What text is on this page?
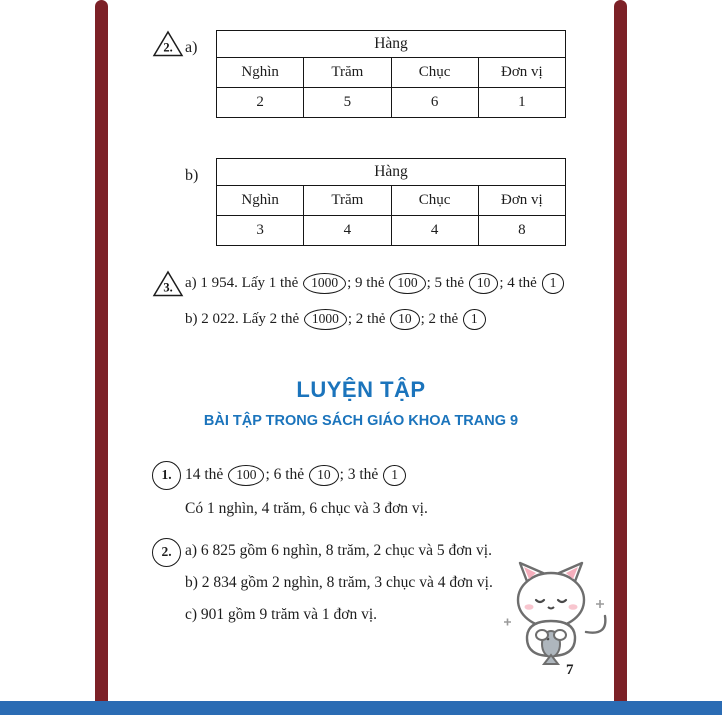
2. a)	Hàng			
Nghìn	Trăm	Chục	Đơn vị
2	5	6	1
b)	Hàng			
Nghìn	Trăm	Chục	Đơn vị
3	4	4	8
3. a) 1 954. Lấy 1 thẻ 1000 ; 9 thẻ 100 ; 5 thẻ 10 ; 4 thẻ 1

b) 2 022. Lấy 2 thẻ 1000 ; 2 thẻ 10 ; 2 thẻ 1

LUYỆN TẬP
BÀI TẬP TRONG SÁCH GIÁO KHOA TRANG 9
1. 14 thẻ 100 ; 6 thẻ 10 ; 3 thẻ 1

Có 1 nghìn, 4 trăm, 6 chục và 3 đơn vị.

2. a) 6 825 gồm 6 nghìn, 8 trăm, 2 chục và 5 đơn vị.

b) 2 834 gồm 2 nghìn, 8 trăm, 3 chục và 4 đơn vị.

c) 901 gồm 9 trăm và 1 đơn vị.

7
